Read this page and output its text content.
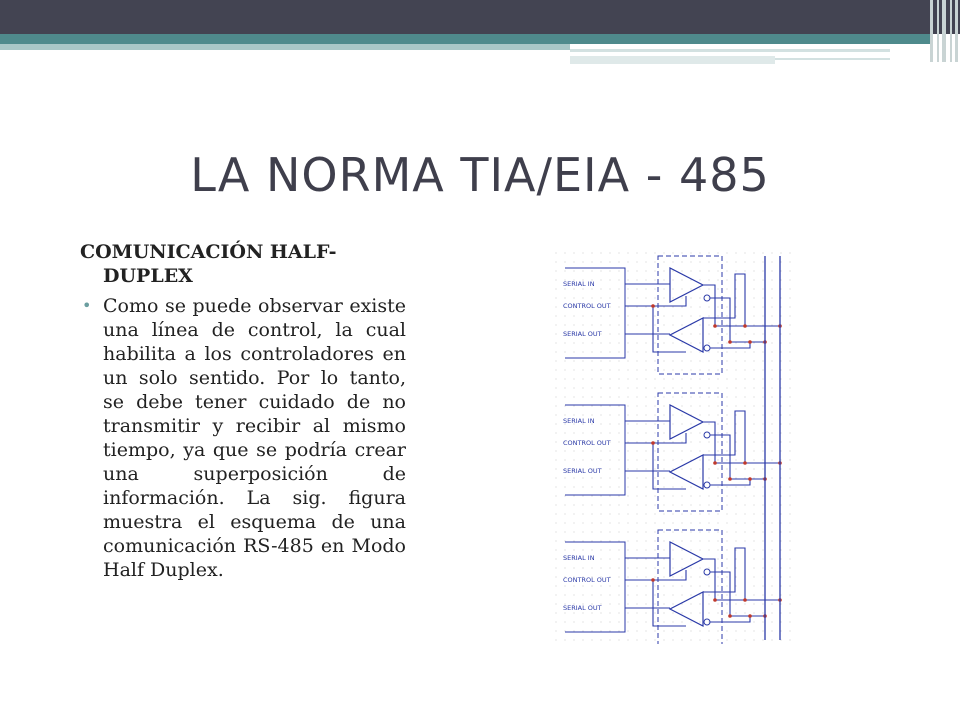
LA NORMA TIA/EIA - 485

COMUNICACIÓN HALF-
DUPLEX

• Como se puede observar existe una línea de control, la cual habilita a los controladores en un solo sentido. Por lo tanto, se debe tener cuidado de no transmitir y recibir al mismo tiempo, ya que se podría crear una superposición de información. La sig. figura muestra el esquema de una comunicación RS-485 en Modo Half Duplex.
SERIAL IN
CONTROL OUT
SERIAL OUT
SERIAL IN
CONTROL OUT
SERIAL OUT
SERIAL IN
CONTROL OUT
SERIAL OUT
